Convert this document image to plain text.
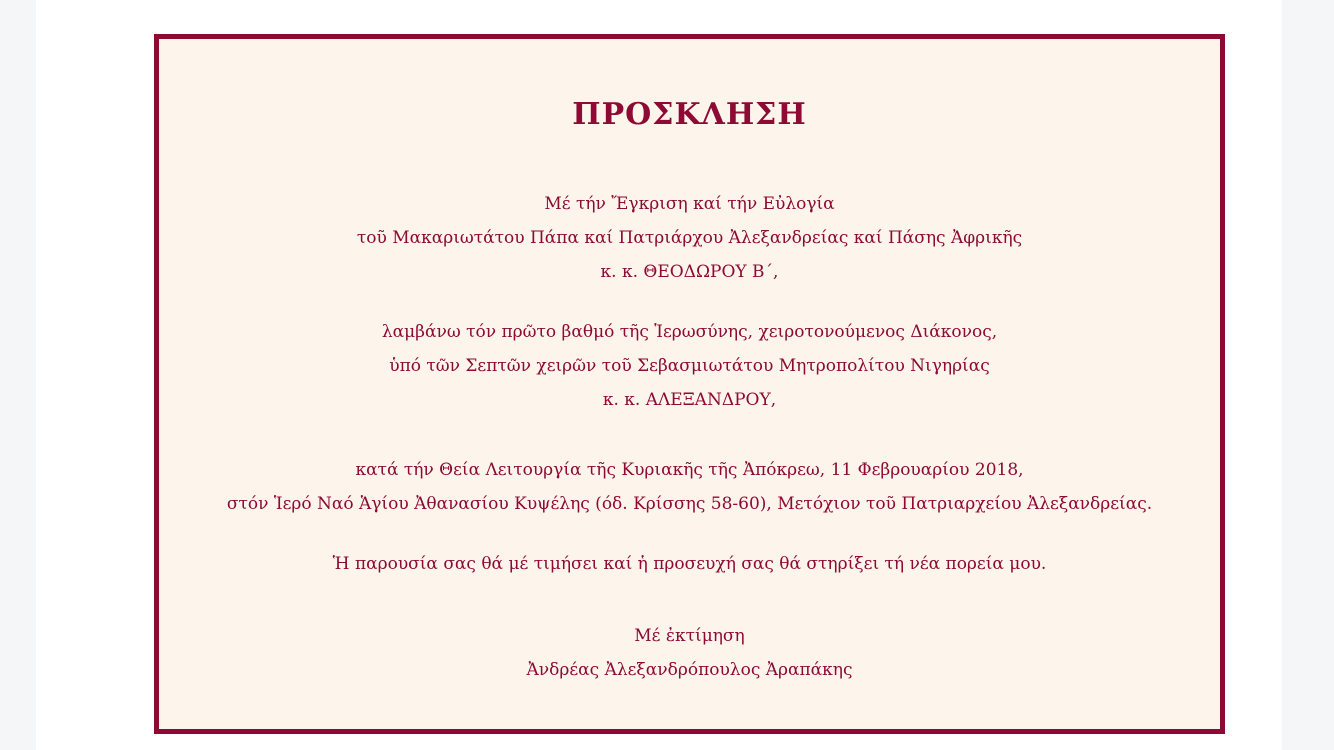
ΠΡΟΣΚΛΗΣΗ

Μέ τήν Ἔγκριση καί τήν Εὐλογία
τοῦ Μακαριωτάτου Πάπα καί Πατριάρχου Ἀλεξανδρείας καί Πάσης Ἀφρικῆς
κ. κ. ΘΕΟΔΩΡΟΥ Β΄,

λαμβάνω τόν πρῶτο βαθμό τῆς Ἱερωσύνης, χειροτονούμενος Διάκονος,
ὑπό τῶν Σεπτῶν χειρῶν τοῦ Σεβασμιωτάτου Μητροπολίτου Νιγηρίας
κ. κ. ΑΛΕΞΑΝΔΡΟΥ,

κατά τήν Θεία Λειτουργία τῆς Κυριακῆς τῆς Ἀπόκρεω, 11 Φεβρουαρίου 2018,
στόν Ἱερό Ναό Ἁγίου Ἀθανασίου Κυψέλης (όδ. Κρίσσης 58-60), Μετόχιον τοῦ Πατριαρχείου Ἀλεξανδρείας.

Ἡ παρουσία σας θά μέ τιμήσει καί ἡ προσευχή σας θά στηρίξει τή νέα πορεία μου.

Μέ ἐκτίμηση
Ἀνδρέας Ἀλεξανδρόπουλος Ἀραπάκης
